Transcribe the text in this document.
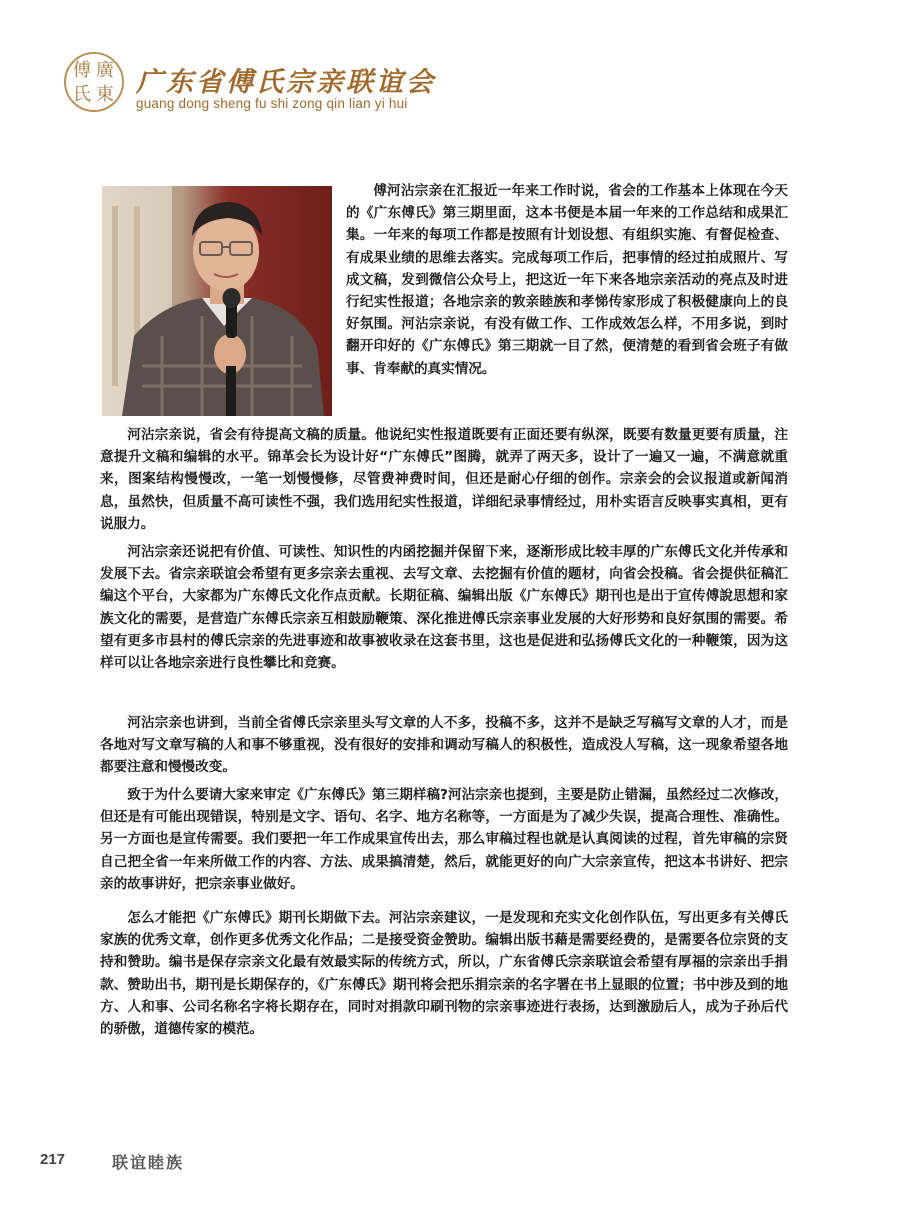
傅 廣
氏 東 广东省傅氏宗亲联谊会
guang dong sheng fu shi zong qin lian yi hui

傅河沾宗亲在汇报近一年来工作时说，省会的工作基本上体现在今天的《广东傅氏》第三期里面，这本书便是本届一年来的工作总结和成果汇集。一年来的每项工作都是按照有计划设想、有组织实施、有督促检查、有成果业绩的思维去落实。完成每项工作后，把事情的经过拍成照片、写成文稿，发到微信公众号上，把这近一年下来各地宗亲活动的亮点及时进行纪实性报道；各地宗亲的敦亲睦族和孝悌传家形成了积极健康向上的良好氛围。河沾宗亲说，有没有做工作、工作成效怎么样，不用多说，到时翻开印好的《广东傅氏》第三期就一目了然，便清楚的看到省会班子有做事、肯奉献的真实情况。

河沾宗亲说，省会有待提高文稿的质量。他说纪实性报道既要有正面还要有纵深，既要有数量更要有质量，注意提升文稿和编辑的水平。锦革会长为设计好“广东傅氏”图腾，就弄了两天多，设计了一遍又一遍，不满意就重来，图案结构慢慢改，一笔一划慢慢修，尽管费神费时间，但还是耐心仔细的创作。宗亲会的会议报道或新闻消息，虽然快，但质量不高可读性不强，我们选用纪实性报道，详细纪录事情经过，用朴实语言反映事实真相，更有说服力。

河沾宗亲还说把有价值、可读性、知识性的内函挖掘并保留下来，逐渐形成比较丰厚的广东傅氏文化并传承和发展下去。省宗亲联谊会希望有更多宗亲去重视、去写文章、去挖掘有价值的题材，向省会投稿。省会提供征稿汇编这个平台，大家都为广东傅氏文化作点贡献。长期征稿、编辑出版《广东傅氏》期刊也是出于宣传傅說思想和家族文化的需要，是营造广东傅氏宗亲互相鼓励鞭策、深化推进傅氏宗亲事业发展的大好形势和良好氛围的需要。希望有更多市县村的傅氏宗亲的先进事迹和故事被收录在这套书里，这也是促进和弘扬傅氏文化的一种鞭策，因为这样可以让各地宗亲进行良性攀比和竞赛。

河沾宗亲也讲到，当前全省傅氏宗亲里头写文章的人不多，投稿不多，这并不是缺乏写稿写文章的人才，而是各地对写文章写稿的人和事不够重视，没有很好的安排和调动写稿人的积极性，造成没人写稿，这一现象希望各地都要注意和慢慢改变。

致于为什么要请大家来审定《广东傅氏》第三期样稿?河沾宗亲也提到，主要是防止错漏，虽然经过二次修改，但还是有可能出现错误，特别是文字、语句、名字、地方名称等，一方面是为了减少失误，提高合理性、准确性。另一方面也是宣传需要。我们要把一年工作成果宣传出去，那么审稿过程也就是认真阅读的过程，首先审稿的宗贤自己把全省一年来所做工作的内容、方法、成果搞清楚，然后，就能更好的向广大宗亲宣传，把这本书讲好、把宗亲的故事讲好，把宗亲事业做好。

怎么才能把《广东傅氏》期刊长期做下去。河沾宗亲建议，一是发现和充实文化创作队伍，写出更多有关傅氏家族的优秀文章，创作更多优秀文化作品；二是接受资金赞助。编辑出版书藉是需要经费的，是需要各位宗贤的支持和赞助。编书是保存宗亲文化最有效最实际的传统方式，所以，广东省傅氏宗亲联谊会希望有厚福的宗亲出手捐款、赞助出书，期刊是长期保存的，《广东傅氏》期刊将会把乐捐宗亲的名字署在书上显眼的位置；书中涉及到的地方、人和事、公司名称名字将长期存在，同时对捐款印刷刊物的宗亲事迹进行表扬，达到激励后人，成为子孙后代的骄傲，道德传家的模范。

217	联谊睦族
